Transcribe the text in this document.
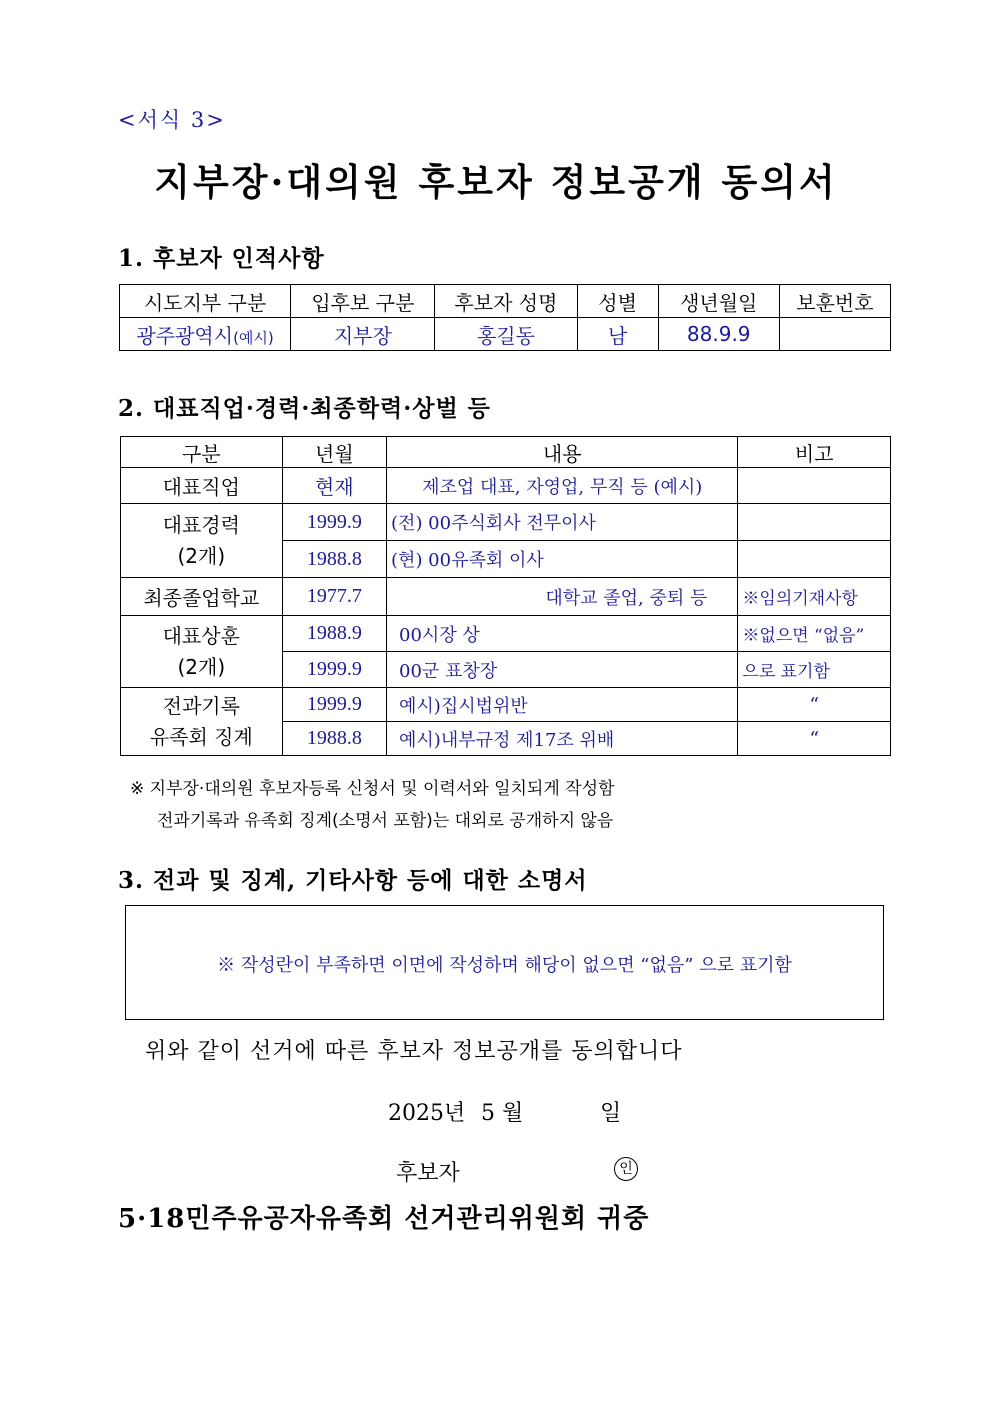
<서식 3>
지부장·대의원 후보자 정보공개 동의서
1. 후보자 인적사항
시도지부 구분	입후보 구분	후보자 성명	성별	생년월일	보훈번호
광주광역시(예시)	지부장	홍길동	남	88.9.9	
2. 대표직업·경력·최종학력·상벌 등
구분	년월	내용	비고
대표직업	현재	제조업 대표, 자영업, 무직 등 (예시)	

대표경력
(2개)	1999.9	(전) 00주식회사 전무이사	
	1988.8	(현) 00유족회 이사	
최종졸업학교	1977.7	대학교 졸업, 중퇴 등	※임의기재사항

대표상훈
(2개)	1988.9	00시장 상	※없으면 “없음”
	1999.9	00군 표창장	으로 표기함

전과기록
유족회 징계	1999.9	예시)집시법위반	“
	1988.8	예시)내부규정 제17조 위배	“
※ 지부장·대의원 후보자등록 신청서 및 이력서와 일치되게 작성함
전과기록과 유족회 징계(소명서 포함)는 대외로 공개하지 않음
3. 전과 및 징계, 기타사항 등에 대한 소명서
※ 작성란이 부족하면 이면에 작성하며 해당이 없으면 “없음” 으로 표기함
위와 같이 선거에 따른 후보자 정보공개를 동의합니다
2025년 5 월	일
후보자	인
5·18민주유공자유족회 선거관리위원회 귀중
